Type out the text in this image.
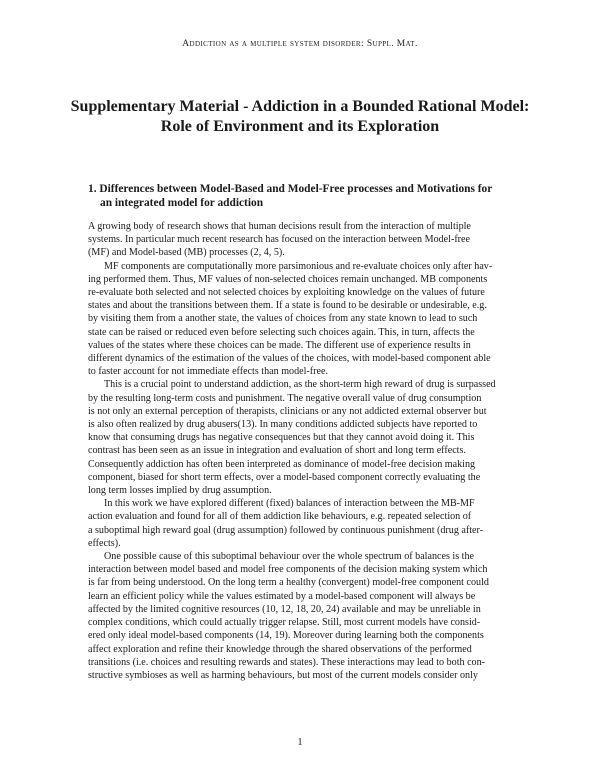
Addiction as a multiple system disorder: Suppl. Mat.
Supplementary Material - Addiction in a Bounded Rational Model:
Role of Environment and its Exploration
1. Differences between Model-Based and Model-Free processes and Motivations for
an integrated model for addiction

A growing body of research shows that human decisions result from the interaction of multiple
systems. In particular much recent research has focused on the interaction between Model-free
(MF) and Model-based (MB) processes (2, 4, 5).

MF components are computationally more parsimonious and re-evaluate choices only after hav-
ing performed them. Thus, MF values of non-selected choices remain unchanged. MB components
re-evaluate both selected and not selected choices by exploiting knowledge on the values of future
states and about the transitions between them. If a state is found to be desirable or undesirable, e.g.
by visiting them from a another state, the values of choices from any state known to lead to such
state can be raised or reduced even before selecting such choices again. This, in turn, affects the
values of the states where these choices can be made. The different use of experience results in
different dynamics of the estimation of the values of the choices, with model-based component able
to faster account for not immediate effects than model-free.

This is a crucial point to understand addiction, as the short-term high reward of drug is surpassed
by the resulting long-term costs and punishment. The negative overall value of drug consumption
is not only an external perception of therapists, clinicians or any not addicted external observer but
is also often realized by drug abusers(13). In many conditions addicted subjects have reported to
know that consuming drugs has negative consequences but that they cannot avoid doing it. This
contrast has been seen as an issue in integration and evaluation of short and long term effects.
Consequently addiction has often been interpreted as dominance of model-free decision making
component, biased for short term effects, over a model-based component correctly evaluating the
long term losses implied by drug assumption.

In this work we have explored different (fixed) balances of interaction between the MB-MF
action evaluation and found for all of them addiction like behaviours, e.g. repeated selection of
a suboptimal high reward goal (drug assumption) followed by continuous punishment (drug after-
effects).

One possible cause of this suboptimal behaviour over the whole spectrum of balances is the
interaction between model based and model free components of the decision making system which
is far from being understood. On the long term a healthy (convergent) model-free component could
learn an efficient policy while the values estimated by a model-based component will always be
affected by the limited cognitive resources (10, 12, 18, 20, 24) available and may be unreliable in
complex conditions, which could actually trigger relapse. Still, most current models have consid-
ered only ideal model-based components (14, 19). Moreover during learning both the components
affect exploration and refine their knowledge through the shared observations of the performed
transitions (i.e. choices and resulting rewards and states). These interactions may lead to both con-
structive symbioses as well as harming behaviours, but most of the current models consider only

1
